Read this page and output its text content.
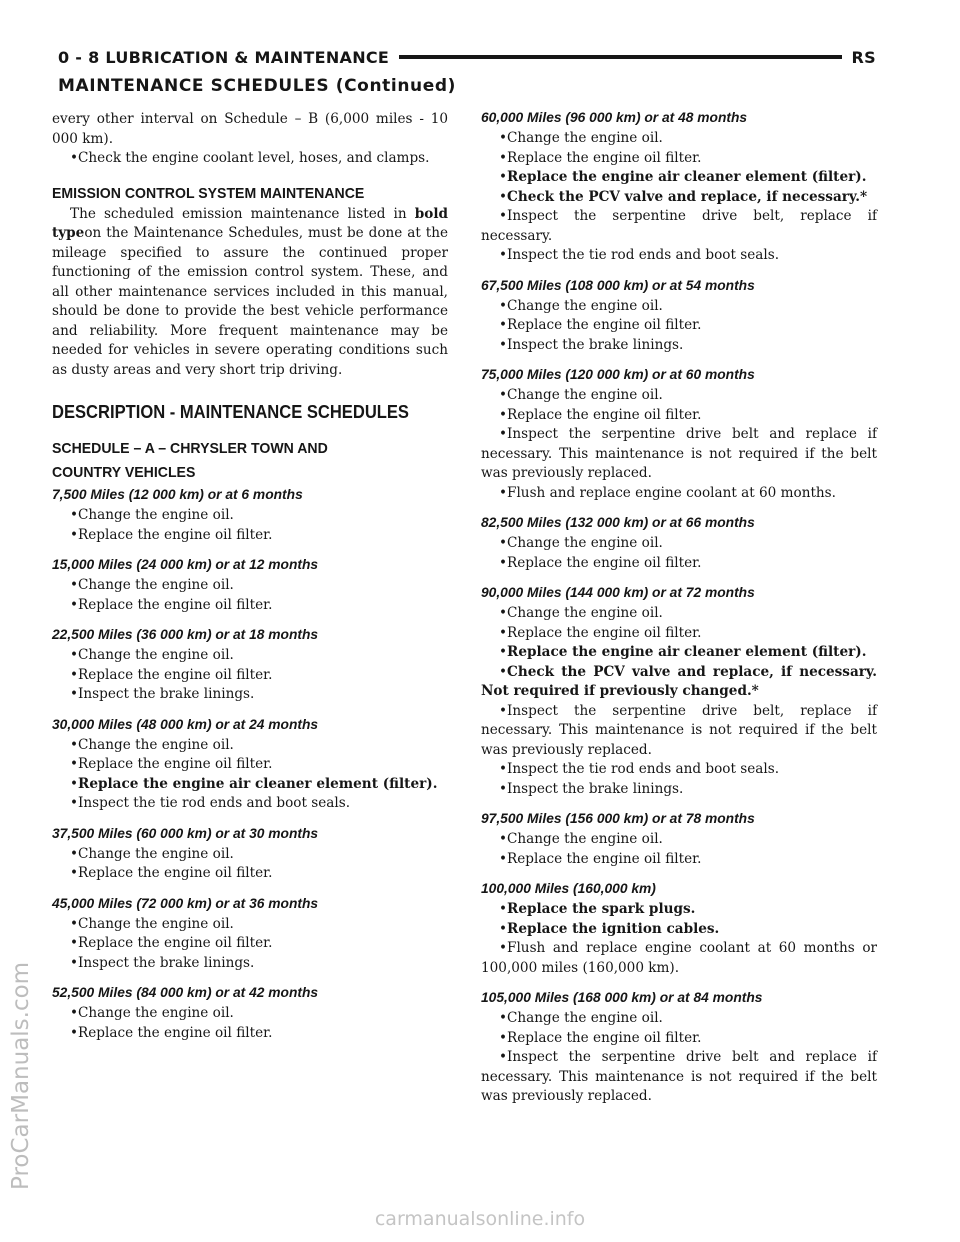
0 - 8 LUBRICATION & MAINTENANCE	RS
MAINTENANCE SCHEDULES (Continued)

every other interval on Schedule – B (6,000 miles - 10 000 km).

•Check the engine coolant level, hoses, and clamps.

EMISSION CONTROL SYSTEM MAINTENANCE

The scheduled emission maintenance listed in bold typeon the Maintenance Schedules, must be done at the mileage specified to assure the continued proper functioning of the emission control system. These, and all other maintenance services included in this manual, should be done to provide the best vehicle performance and reliability. More frequent maintenance may be needed for vehicles in severe operating conditions such as dusty areas and very short trip driving.

DESCRIPTION - MAINTENANCE SCHEDULES
SCHEDULE – A – CHRYSLER TOWN AND
COUNTRY VEHICLES
7,500 Miles (12 000 km) or at 6 months

•Change the engine oil.

•Replace the engine oil filter.

15,000 Miles (24 000 km) or at 12 months

•Change the engine oil.

•Replace the engine oil filter.

22,500 Miles (36 000 km) or at 18 months

•Change the engine oil.

•Replace the engine oil filter.

•Inspect the brake linings.

30,000 Miles (48 000 km) or at 24 months

•Change the engine oil.

•Replace the engine oil filter.

•Replace the engine air cleaner element (filter).

•Inspect the tie rod ends and boot seals.

37,500 Miles (60 000 km) or at 30 months

•Change the engine oil.

•Replace the engine oil filter.

45,000 Miles (72 000 km) or at 36 months

•Change the engine oil.

•Replace the engine oil filter.

•Inspect the brake linings.

52,500 Miles (84 000 km) or at 42 months

•Change the engine oil.

•Replace the engine oil filter.

60,000 Miles (96 000 km) or at 48 months

•Change the engine oil.

•Replace the engine oil filter.

•Replace the engine air cleaner element (filter).

•Check the PCV valve and replace, if necessary.*

•Inspect the serpentine drive belt, replace if necessary.

•Inspect the tie rod ends and boot seals.

67,500 Miles (108 000 km) or at 54 months

•Change the engine oil.

•Replace the engine oil filter.

•Inspect the brake linings.

75,000 Miles (120 000 km) or at 60 months

•Change the engine oil.

•Replace the engine oil filter.

•Inspect the serpentine drive belt and replace if necessary. This maintenance is not required if the belt was previously replaced.

•Flush and replace engine coolant at 60 months.

82,500 Miles (132 000 km) or at 66 months

•Change the engine oil.

•Replace the engine oil filter.

90,000 Miles (144 000 km) or at 72 months

•Change the engine oil.

•Replace the engine oil filter.

•Replace the engine air cleaner element (filter).

•Check the PCV valve and replace, if necessary. Not required if previously changed.*

•Inspect the serpentine drive belt, replace if necessary. This maintenance is not required if the belt was previously replaced.

•Inspect the tie rod ends and boot seals.

•Inspect the brake linings.

97,500 Miles (156 000 km) or at 78 months

•Change the engine oil.

•Replace the engine oil filter.

100,000 Miles (160,000 km)

•Replace the spark plugs.

•Replace the ignition cables.

•Flush and replace engine coolant at 60 months or 100,000 miles (160,000 km).

105,000 Miles (168 000 km) or at 84 months

•Change the engine oil.

•Replace the engine oil filter.

•Inspect the serpentine drive belt and replace if necessary. This maintenance is not required if the belt was previously replaced.

ProCarManuals.com
carmanualsonline.info
